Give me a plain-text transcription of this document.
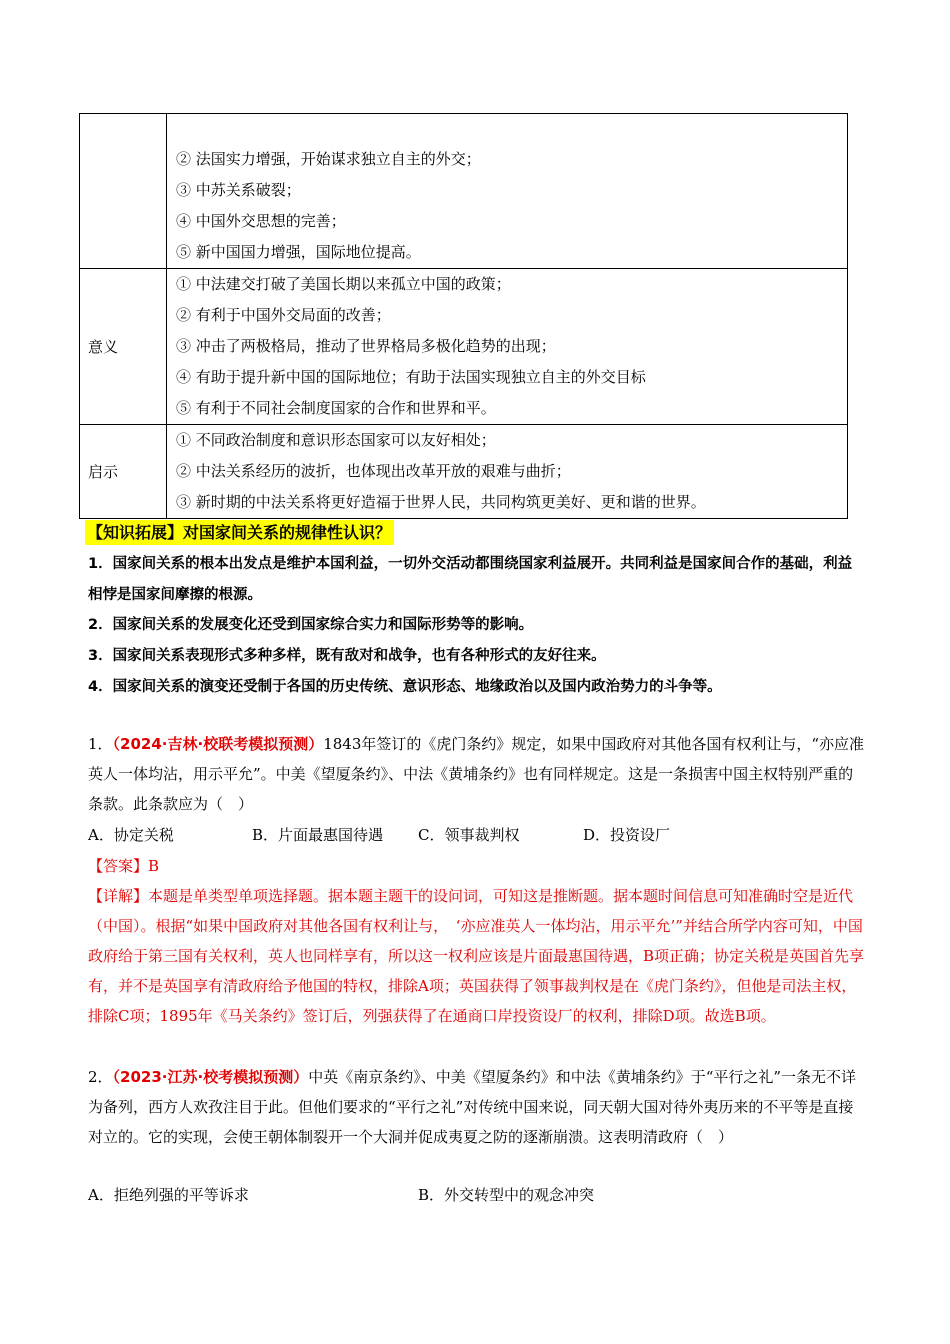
	② 法国实力增强，开始谋求独立自主的外交；
③ 中苏关系破裂；
④ 中国外交思想的完善；
⑤ 新中国国力增强，国际地位提高。

意义	① 中法建交打破了美国长期以来孤立中国的政策；
② 有利于中国外交局面的改善；
③ 冲击了两极格局，推动了世界格局多极化趋势的出现；
④ 有助于提升新中国的国际地位；有助于法国实现独立自主的外交目标
⑤ 有利于不同社会制度国家的合作和世界和平。

启示	① 不同政治制度和意识形态国家可以友好相处；
② 中法关系经历的波折，也体现出改革开放的艰难与曲折；
③ 新时期的中法关系将更好造福于世界人民，共同构筑更美好、更和谐的世界。
【知识拓展】对国家间关系的规律性认识？
1．国家间关系的根本出发点是维护本国利益，一切外交活动都围绕国家利益展开。共同利益是国家间合作的基础，利益相悖是国家间摩擦的根源。
2．国家间关系的发展变化还受到国家综合实力和国际形势等的影响。
3．国家间关系表现形式多种多样，既有敌对和战争，也有各种形式的友好往来。
4．国家间关系的演变还受制于各国的历史传统、意识形态、地缘政治以及国内政治势力的斗争等。
1．（2024·吉林·校联考模拟预测）1843年签订的《虎门条约》规定，如果中国政府对其他各国有权利让与，“亦应准英人一体均沾，用示平允”。中美《望厦条约》、中法《黄埔条约》也有同样规定。这是一条损害中国主权特别严重的条款。此条款应为（　）
A．协定关税	B．片面最惠国待遇 C．领事裁判权	D．投资设厂
【答案】B
【详解】本题是单类型单项选择题。据本题主题干的设问词，可知这是推断题。据本题时间信息可知准确时空是近代（中国）。根据“如果中国政府对其他各国有权利让与，　‘亦应准英人一体均沾，用示平允’”并结合所学内容可知，中国政府给于第三国有关权利，英人也同样享有，所以这一权利应该是片面最惠国待遇，B项正确；协定关税是英国首先享有，并不是英国享有清政府给予他国的特权，排除A项；英国获得了领事裁判权是在《虎门条约》，但他是司法主权，排除C项；1895年《马关条约》签订后，列强获得了在通商口岸投资设厂的权利，排除D项。故选B项。
2．（2023·江苏·校考模拟预测）中英《南京条约》、中美《望厦条约》和中法《黄埔条约》于“平行之礼”一条无不详为备列，西方人欢孜注目于此。但他们要求的“平行之礼”对传统中国来说，同天朝大国对待外夷历来的不平等是直接对立的。它的实现，会使王朝体制裂开一个大洞并促成夷夏之防的逐渐崩溃。这表明清政府（　）
A．拒绝列强的平等诉求	B．外交转型中的观念冲突
